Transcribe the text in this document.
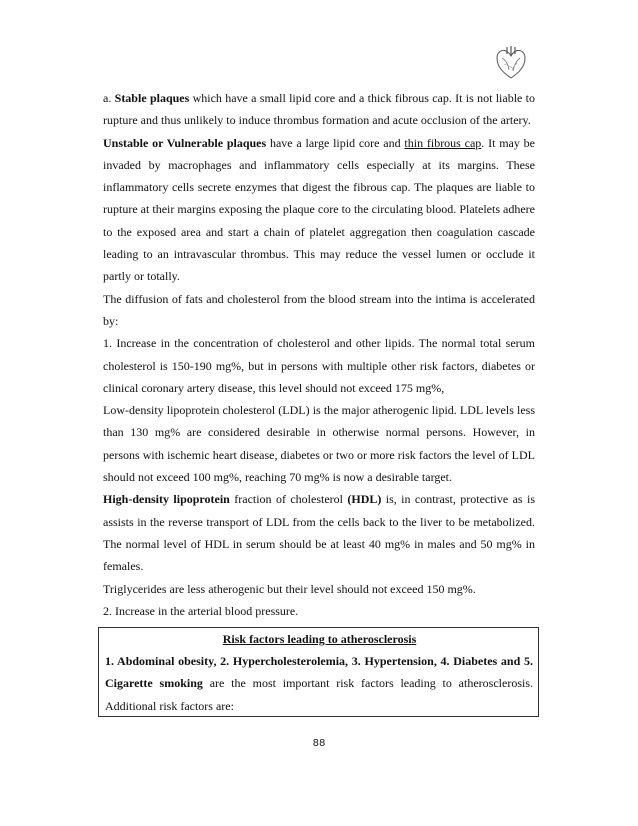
a. Stable plaques which have a small lipid core and a thick fibrous cap. It is not liable to rupture and thus unlikely to induce thrombus formation and acute occlusion of the artery.

Unstable or Vulnerable plaques have a large lipid core and thin fibrous cap. It may be invaded by macrophages and inflammatory cells especially at its margins. These inflammatory cells secrete enzymes that digest the fibrous cap. The plaques are liable to rupture at their margins exposing the plaque core to the circulating blood. Platelets adhere to the exposed area and start a chain of platelet aggregation then coagulation cascade leading to an intravascular thrombus. This may reduce the vessel lumen or occlude it partly or totally.

The diffusion of fats and cholesterol from the blood stream into the intima is accelerated by:

1. Increase in the concentration of cholesterol and other lipids. The normal total serum cholesterol is 150-190 mg%, but in persons with multiple other risk factors, diabetes or clinical coronary artery disease, this level should not exceed 175 mg%,

Low-density lipoprotein cholesterol (LDL) is the major atherogenic lipid. LDL levels less than 130 mg% are considered desirable in otherwise normal persons. However, in persons with ischemic heart disease, diabetes or two or more risk factors the level of LDL should not exceed 100 mg%, reaching 70 mg% is now a desirable target.

High-density lipoprotein fraction of cholesterol (HDL) is, in contrast, protective as is assists in the reverse transport of LDL from the cells back to the liver to be metabolized. The normal level of HDL in serum should be at least 40 mg% in males and 50 mg% in females.

Triglycerides are less atherogenic but their level should not exceed 150 mg%.

2. Increase in the arterial blood pressure.

Risk factors leading to atherosclerosis
1. Abdominal obesity, 2. Hypercholesterolemia, 3. Hypertension, 4. Diabetes and 5. Cigarette smoking are the most important risk factors leading to atherosclerosis. Additional risk factors are:
88
